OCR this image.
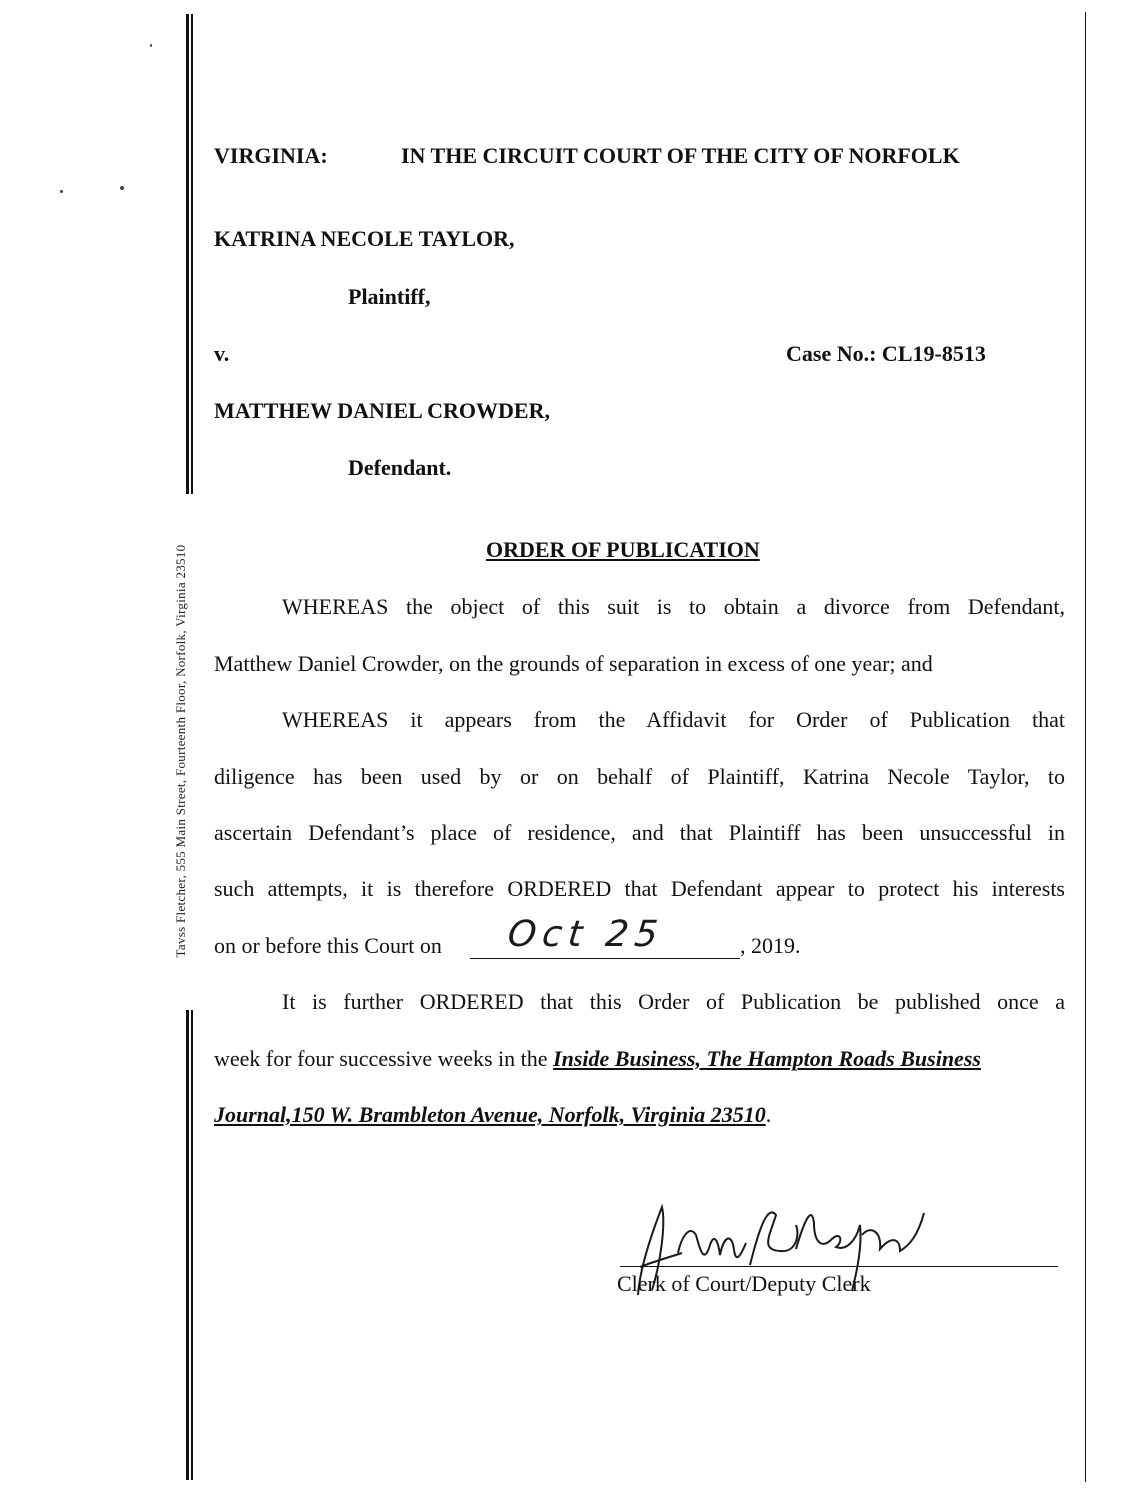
Tavss Fletcher, 555 Main Street, Fourteenth Floor, Norfolk, Virginia 23510
VIRGINIA:	IN THE CIRCUIT COURT OF THE CITY OF NORFOLK
KATRINA NECOLE TAYLOR,
Plaintiff,
v.	Case No.: CL19-8513
MATTHEW DANIEL CROWDER,
Defendant.
ORDER OF PUBLICATION
WHEREAS the object of this suit is to obtain a divorce from Defendant,
Matthew Daniel Crowder, on the grounds of separation in excess of one year; and
WHEREAS it appears from the Affidavit for Order of Publication that
diligence has been used by or on behalf of Plaintiff, Katrina Necole Taylor, to
ascertain Defendant’s place of residence, and that Plaintiff has been unsuccessful in
such attempts, it is therefore ORDERED that Defendant appear to protect his interests
on or before this Court on Oct 25	, 2019.
It is further ORDERED that this Order of Publication be published once a
week for four successive weeks in the Inside Business, The Hampton Roads Business
Journal,150 W. Brambleton Avenue, Norfolk, Virginia 23510.
Clerk of Court/Deputy Clerk
